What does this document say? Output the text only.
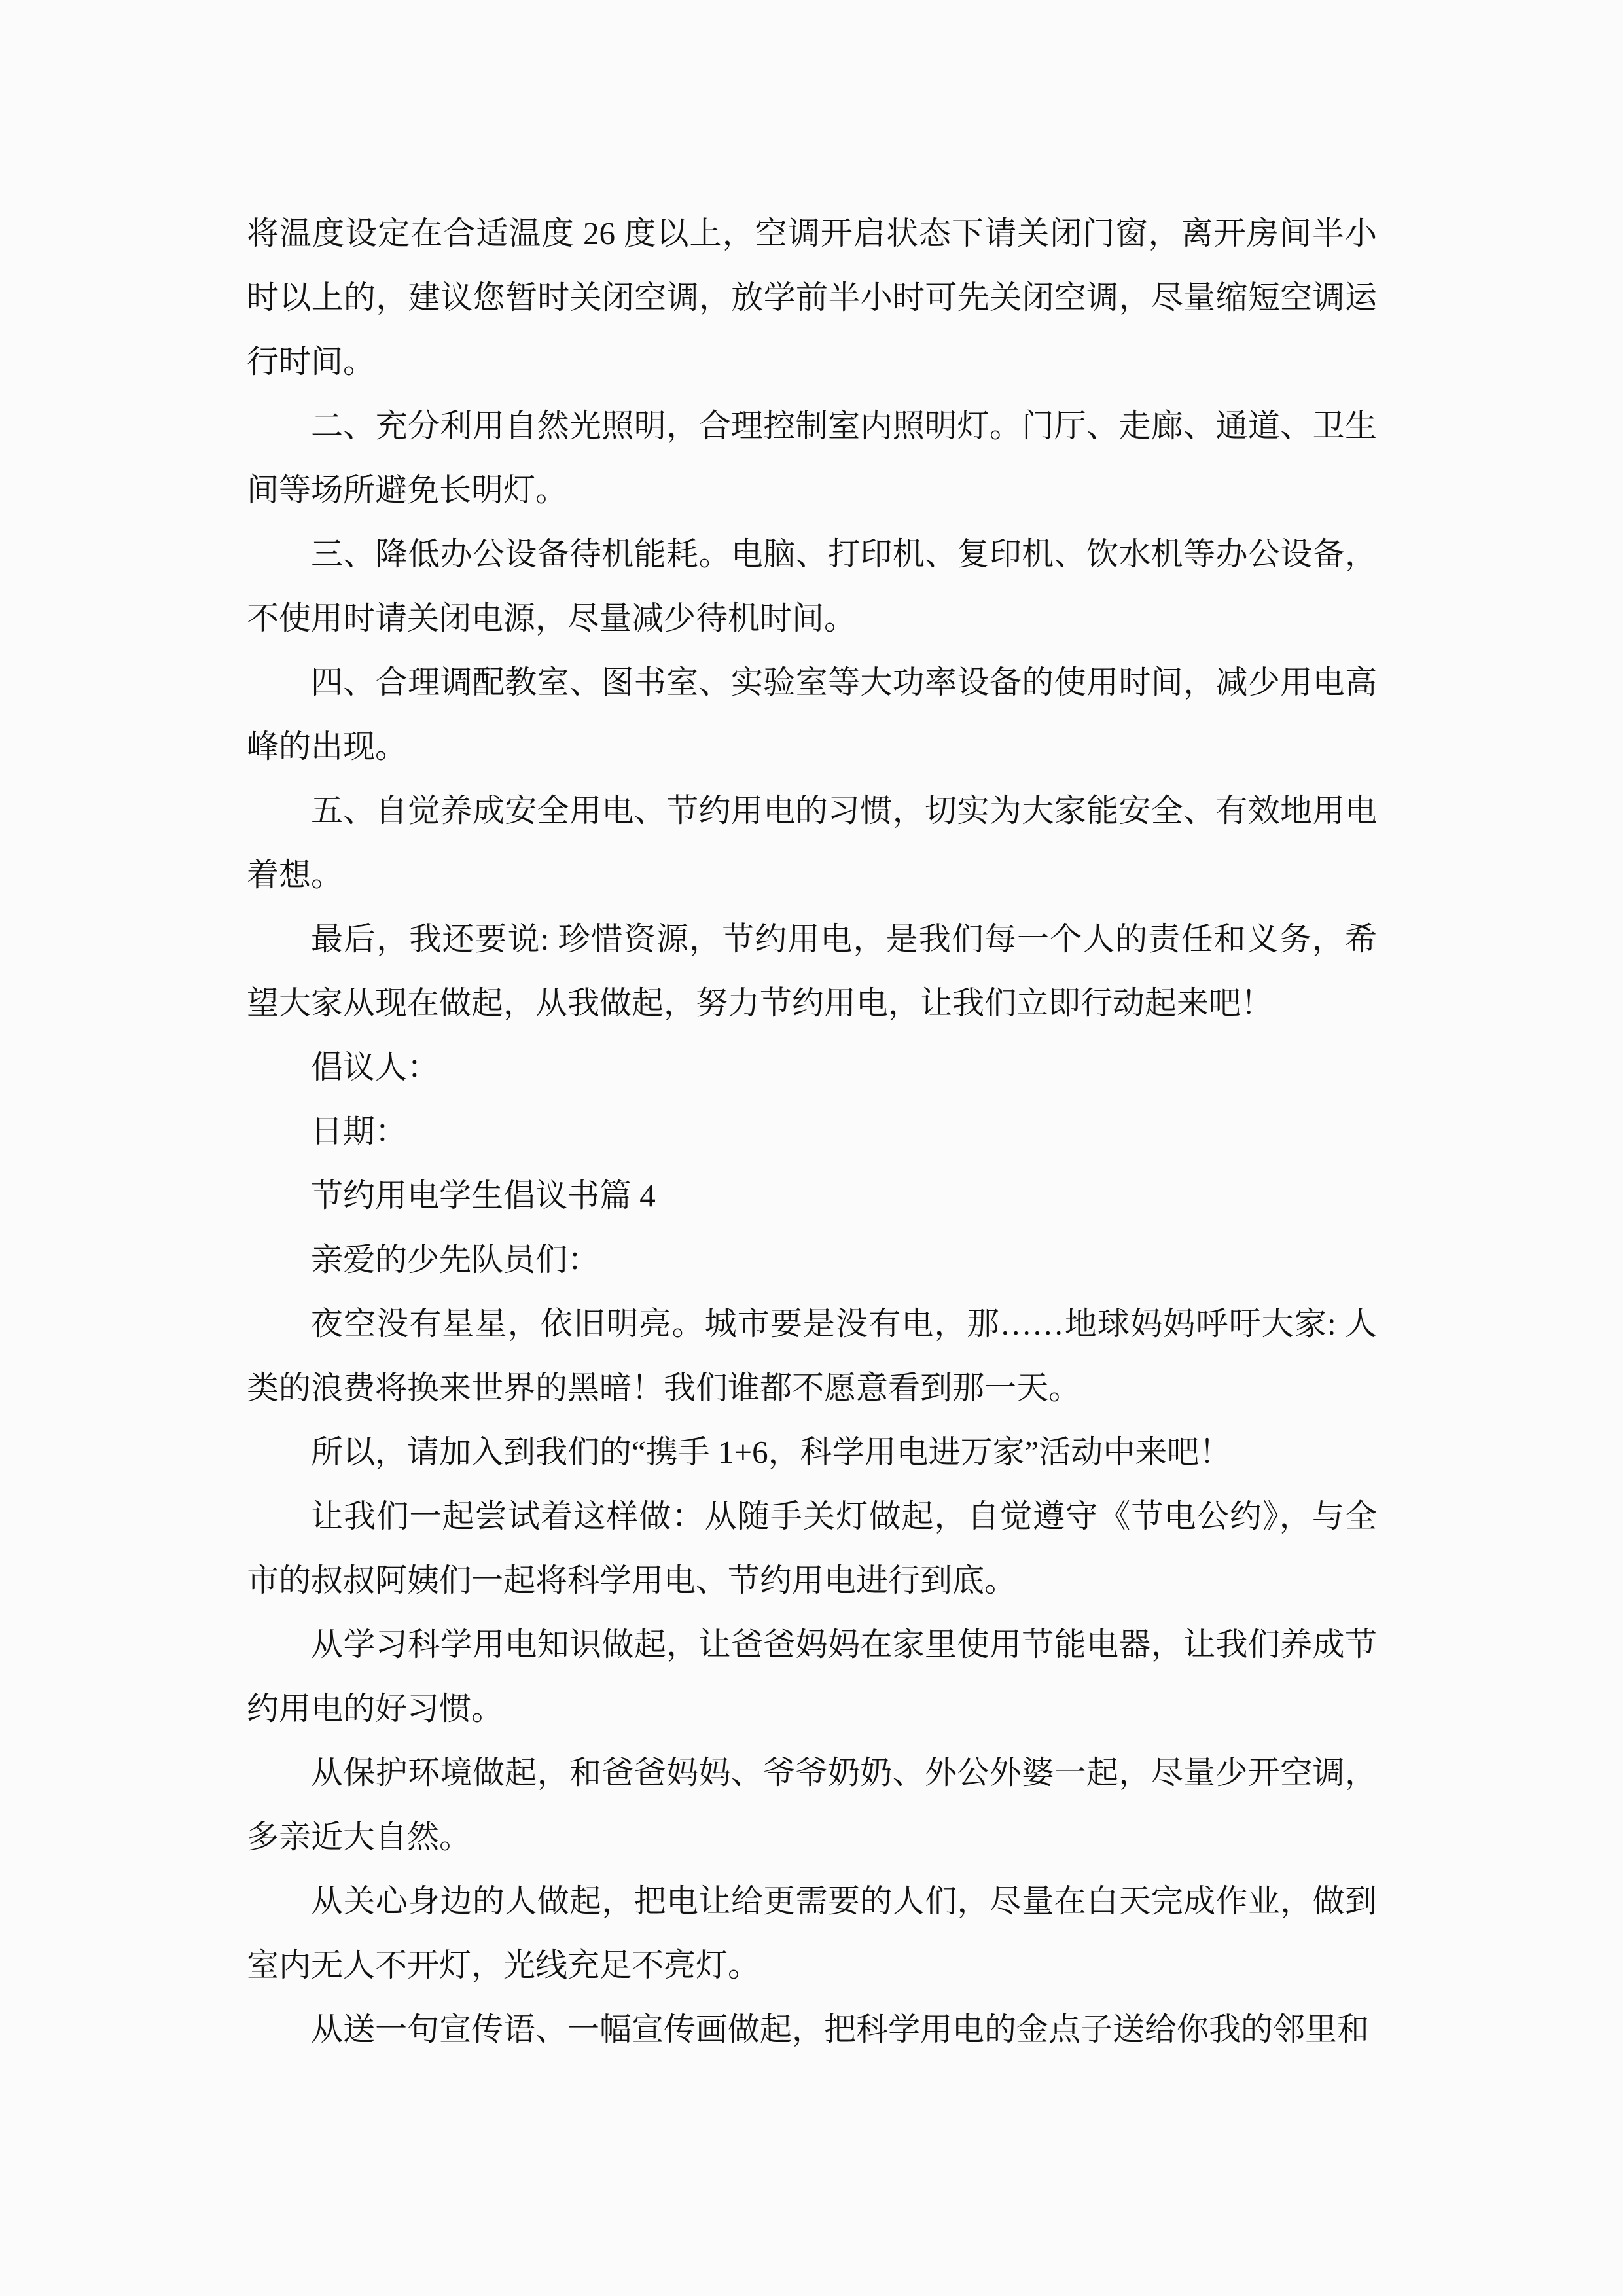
将温度设定在合适温度 26 度以上，空调开启状态下请关闭门窗，离开房间半小时以上的，建议您暂时关闭空调，放学前半小时可先关闭空调，尽量缩短空调运行时间。

二、充分利用自然光照明，合理控制室内照明灯。门厅、走廊、通道、卫生间等场所避免长明灯。

三、降低办公设备待机能耗。电脑、打印机、复印机、饮水机等办公设备，不使用时请关闭电源，尽量减少待机时间。

四、合理调配教室、图书室、实验室等大功率设备的使用时间，减少用电高峰的出现。

五、自觉养成安全用电、节约用电的习惯，切实为大家能安全、有效地用电着想。

最后，我还要说: 珍惜资源，节约用电，是我们每一个人的责任和义务，希望大家从现在做起，从我做起，努力节约用电，让我们立即行动起来吧！

倡议人：

日期：

节约用电学生倡议书篇 4

亲爱的少先队员们：

夜空没有星星，依旧明亮。城市要是没有电，那……地球妈妈呼吁大家: 人类的浪费将换来世界的黑暗！我们谁都不愿意看到那一天。

所以，请加入到我们的“携手 1+6，科学用电进万家”活动中来吧！

让我们一起尝试着这样做：从随手关灯做起，自觉遵守《节电公约》，与全市的叔叔阿姨们一起将科学用电、节约用电进行到底。

从学习科学用电知识做起，让爸爸妈妈在家里使用节能电器，让我们养成节约用电的好习惯。

从保护环境做起，和爸爸妈妈、爷爷奶奶、外公外婆一起，尽量少开空调，多亲近大自然。

从关心身边的人做起，把电让给更需要的人们，尽量在白天完成作业，做到室内无人不开灯，光线充足不亮灯。

从送一句宣传语、一幅宣传画做起，把科学用电的金点子送给你我的邻里和
